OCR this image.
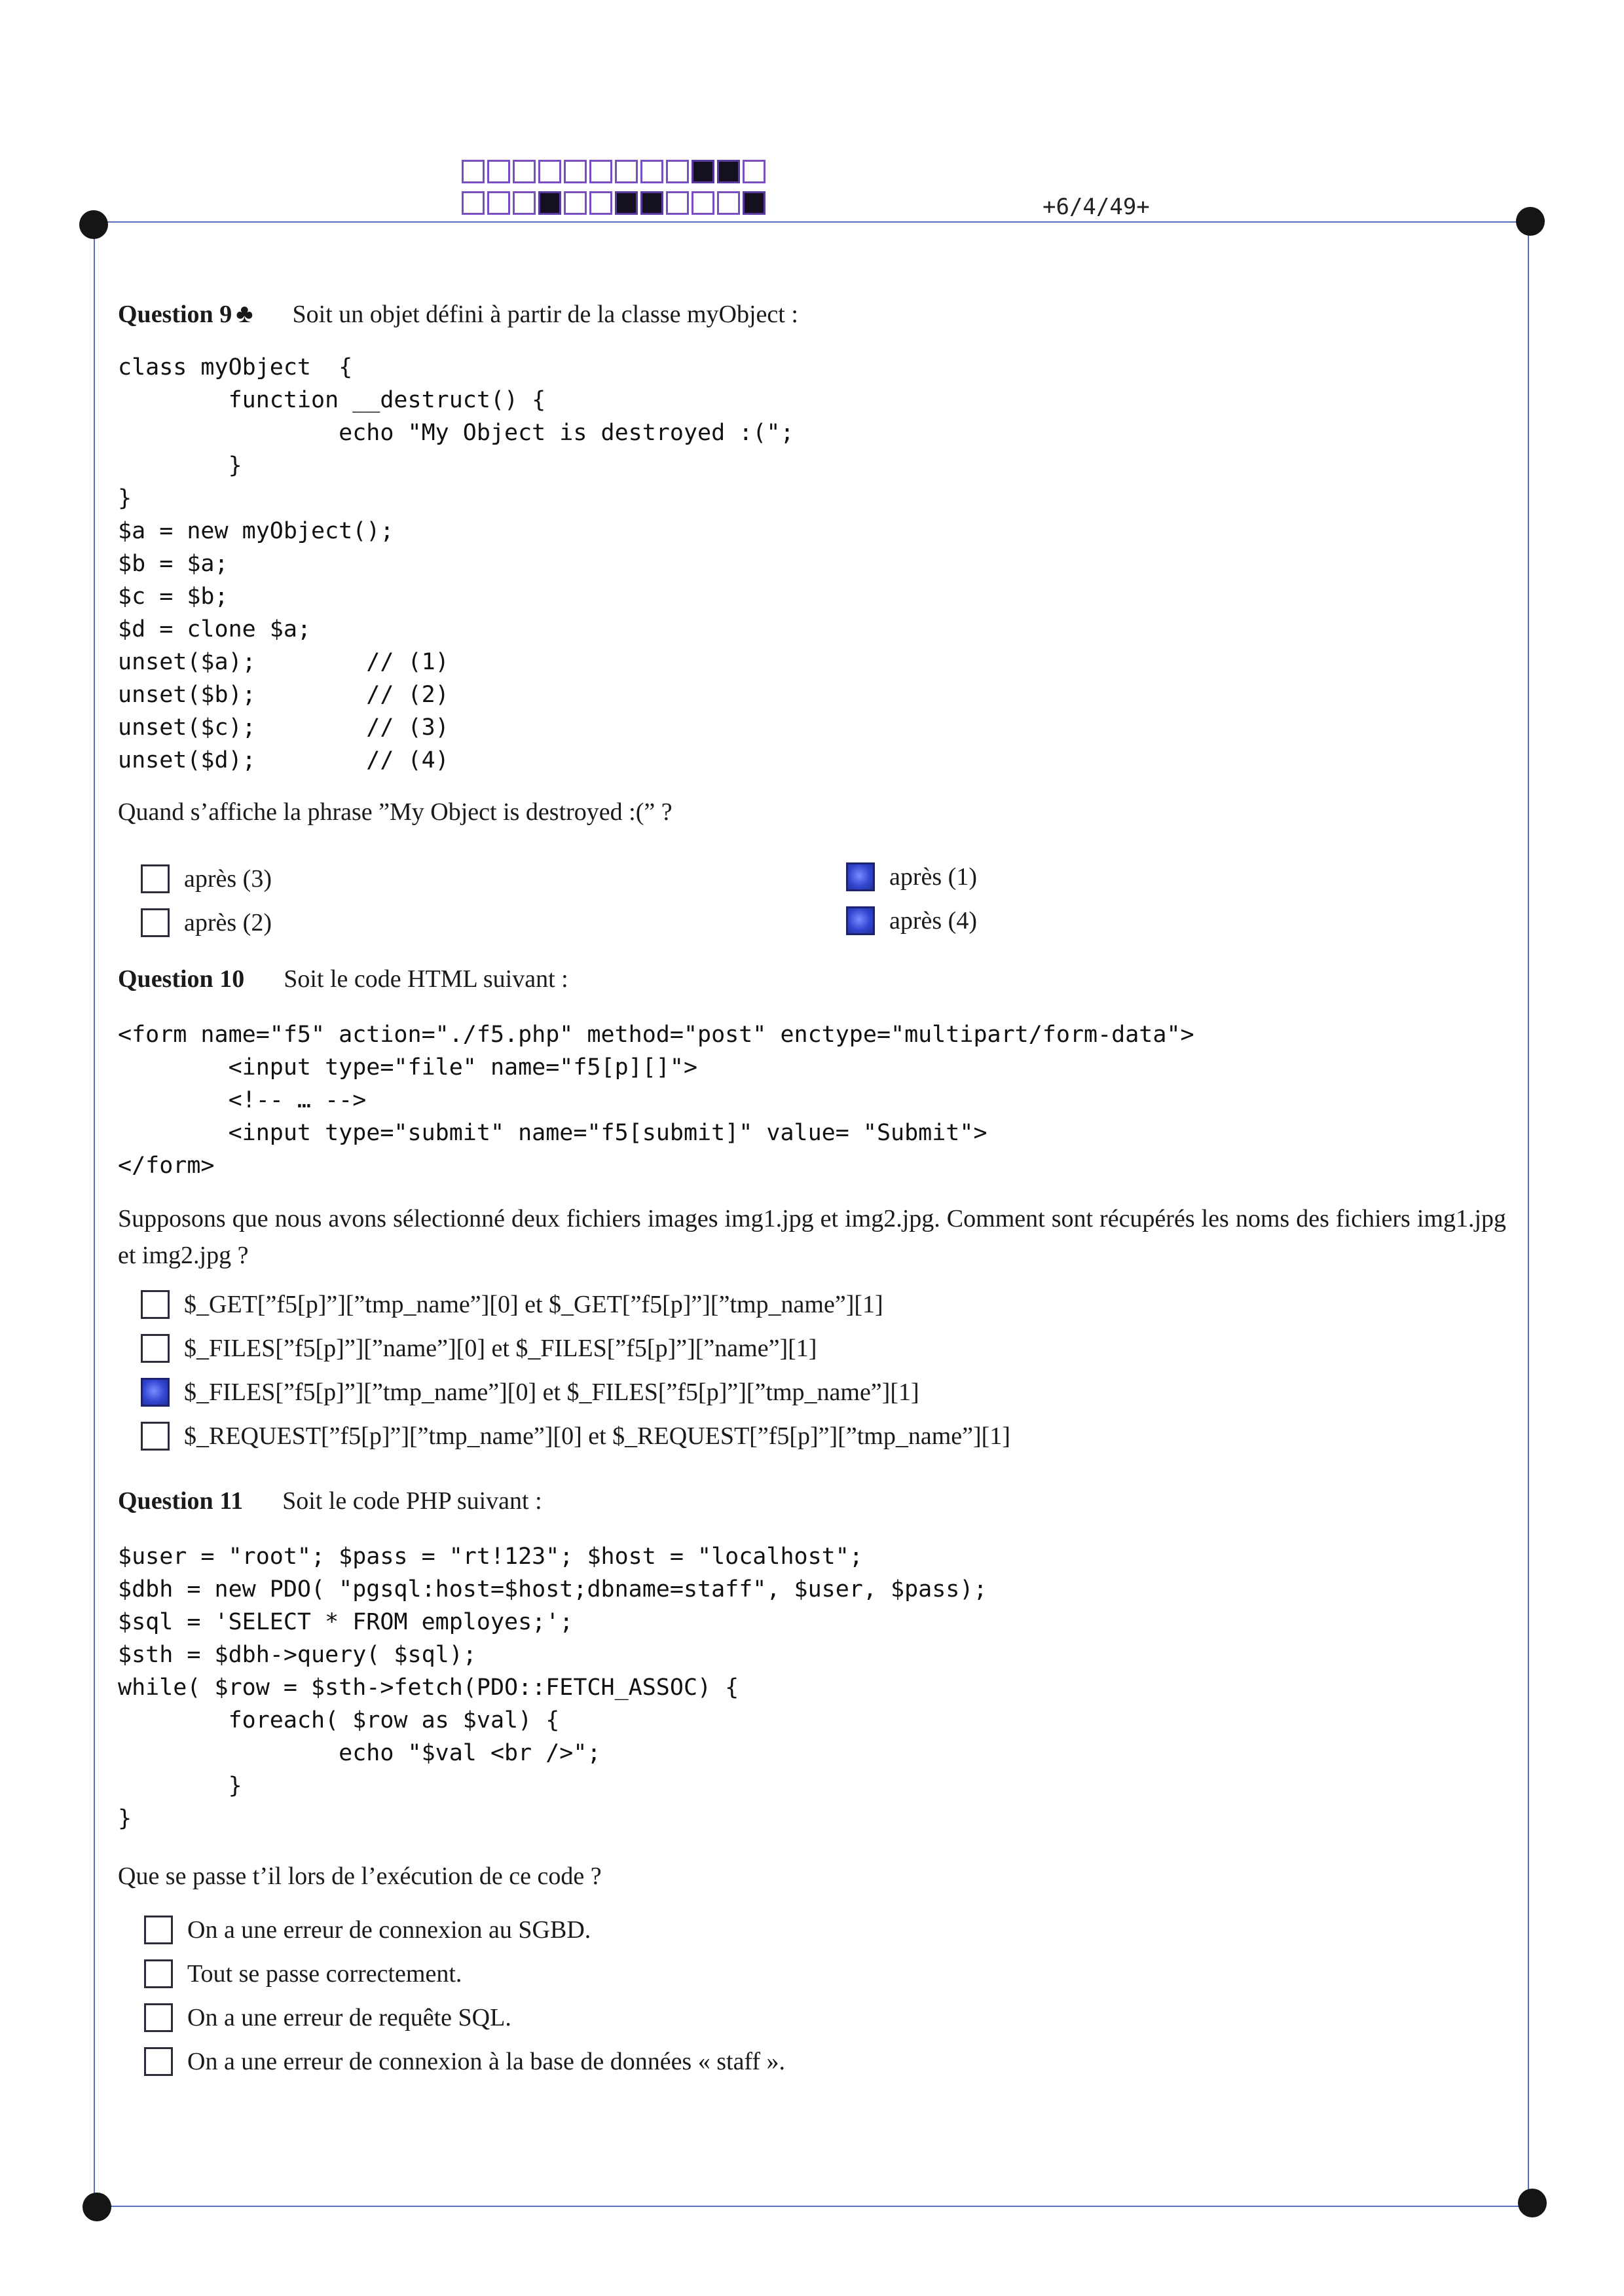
+6/4/49+
Question 9 ♣ Soit un objet défini à partir de la classe myObject :
class myObject  {
function __destruct() {
echo "My Object is destroyed :(";
}
}
$a = new myObject();
$b = $a;
$c = $b;
$d = clone $a;
unset($a);        // (1)
unset($b);        // (2)
unset($c);        // (3)
unset($d);        // (4)
Quand s’affiche la phrase ”My Object is destroyed :(” ?
après (3)
après (2)
après (1)
après (4)
Question 10 Soit le code HTML suivant :
<form name="f5" action="./f5.php" method="post" enctype="multipart/form-data">
<input type="file" name="f5[p][]">
<!-- … -->
<input type="submit" name="f5[submit]" value= "Submit">
</form>
Supposons que nous avons sélectionné deux fichiers images img1.jpg et img2.jpg. Comment sont récupérés les noms des fichiers img1.jpg et img2.jpg ?
$_GET[”f5[p]”][”tmp_name”][0] et $_GET[”f5[p]”][”tmp_name”][1]
$_FILES[”f5[p]”][”name”][0] et $_FILES[”f5[p]”][”name”][1]
$_FILES[”f5[p]”][”tmp_name”][0] et $_FILES[”f5[p]”][”tmp_name”][1]
$_REQUEST[”f5[p]”][”tmp_name”][0] et $_REQUEST[”f5[p]”][”tmp_name”][1]
Question 11 Soit le code PHP suivant :
$user = "root"; $pass = "rt!123"; $host = "localhost";
$dbh = new PDO( "pgsql:host=$host;dbname=staff", $user, $pass);
$sql = 'SELECT * FROM employes;';
$sth = $dbh->query( $sql);
while( $row = $sth->fetch(PDO::FETCH_ASSOC) {
foreach( $row as $val) {
echo "$val <br />";
}
}
Que se passe t’il lors de l’exécution de ce code ?
On a une erreur de connexion au SGBD.
Tout se passe correctement.
On a une erreur de requête SQL.
On a une erreur de connexion à la base de données « staff ».
